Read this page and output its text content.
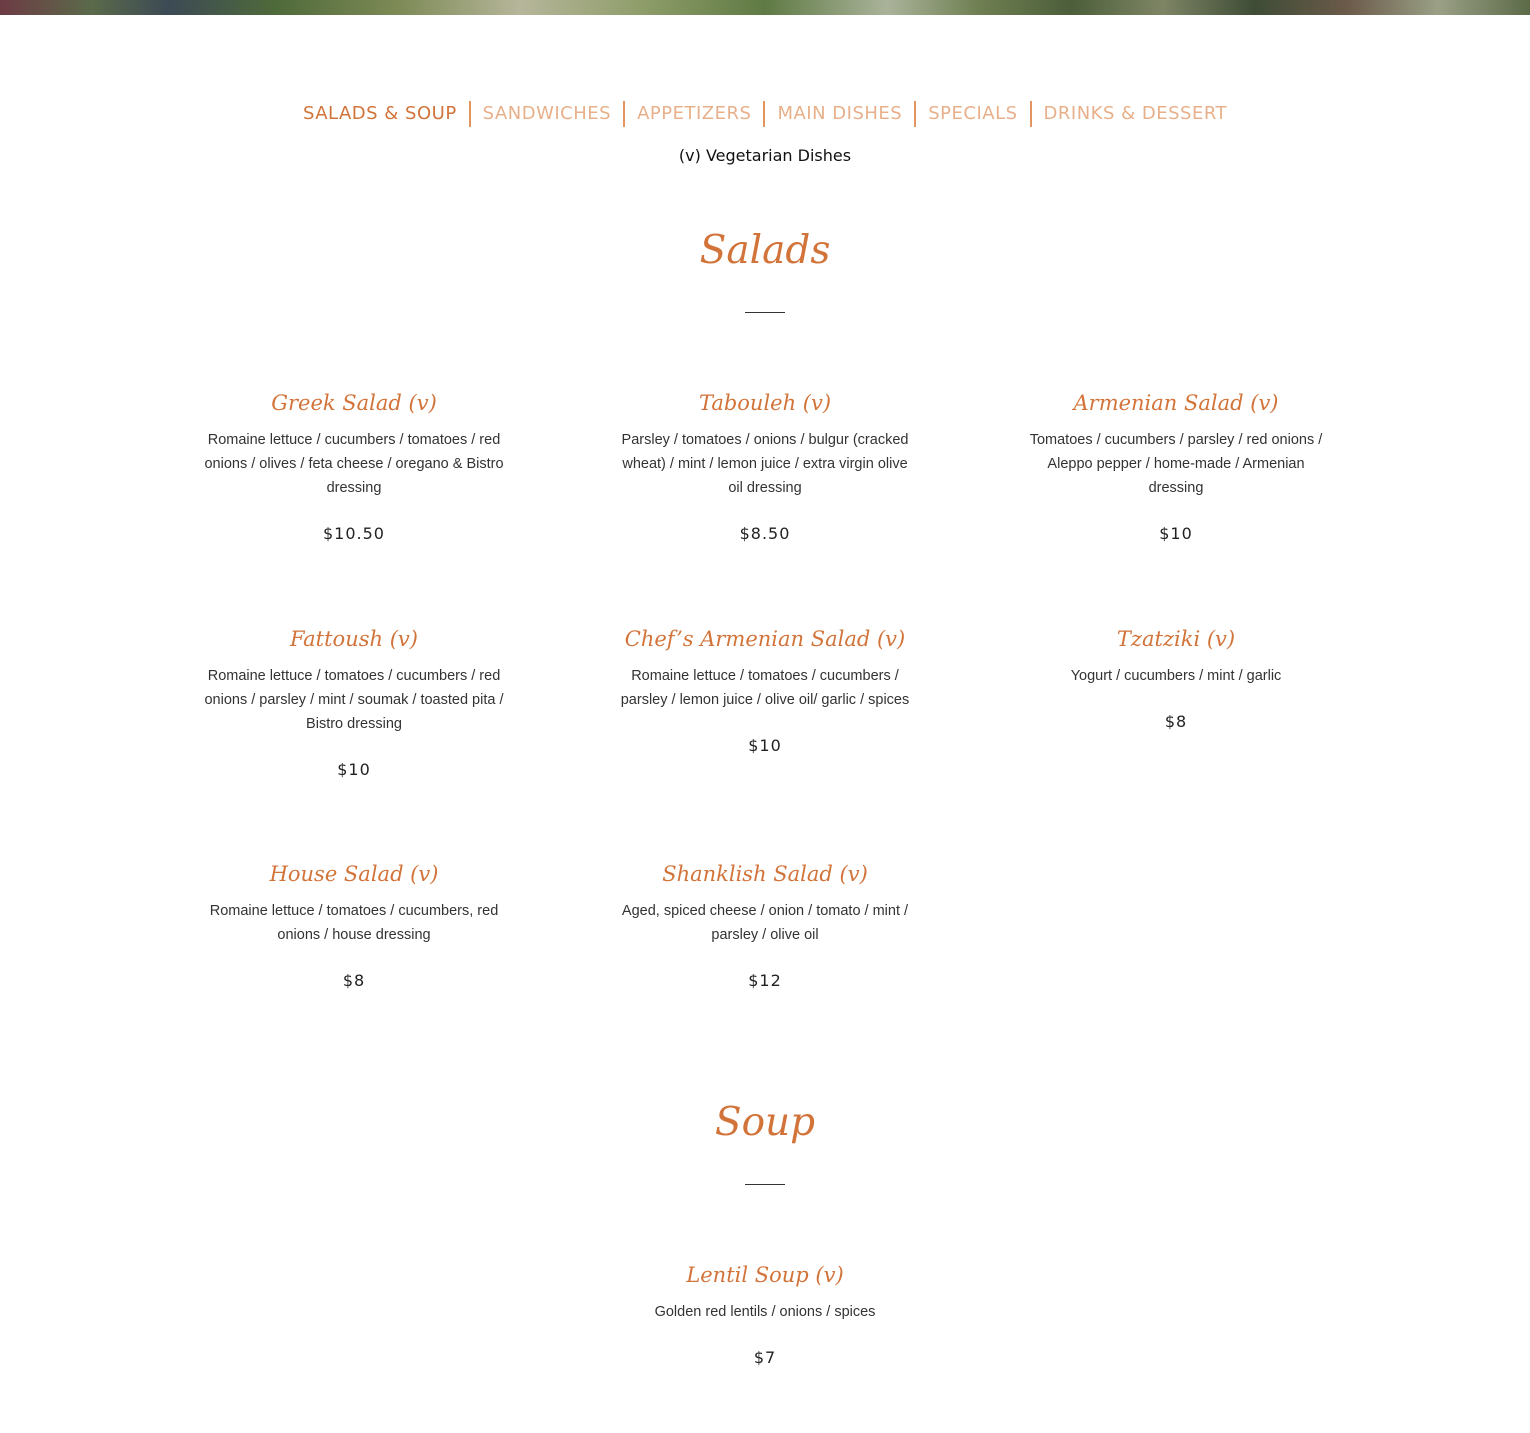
SALADS & SOUP	SANDWICHES	APPETIZERS	MAIN DISHES	SPECIALS	DRINKS & DESSERT
(v) Vegetarian Dishes
Salads
Greek Salad (v)
Romaine lettuce / cucumbers / tomatoes / red onions / olives / feta cheese / oregano & Bistro dressing
$10.50
Tabouleh (v)
Parsley / tomatoes / onions / bulgur (cracked wheat) / mint / lemon juice / extra virgin olive oil dressing
$8.50
Armenian Salad (v)
Tomatoes / cucumbers / parsley / red onions / Aleppo pepper / home-made / Armenian dressing
$10
Fattoush (v)
Romaine lettuce / tomatoes / cucumbers / red onions / parsley / mint / soumak / toasted pita / Bistro dressing
$10
Chef’s Armenian Salad (v)
Romaine lettuce / tomatoes / cucumbers / parsley / lemon juice / olive oil/ garlic / spices
$10
Tzatziki (v)
Yogurt / cucumbers / mint / garlic
$8
House Salad (v)
Romaine lettuce / tomatoes / cucumbers, red onions / house dressing
$8
Shanklish Salad (v)
Aged, spiced cheese / onion / tomato / mint / parsley / olive oil
$12
Soup
Lentil Soup (v)
Golden red lentils / onions / spices
$7
